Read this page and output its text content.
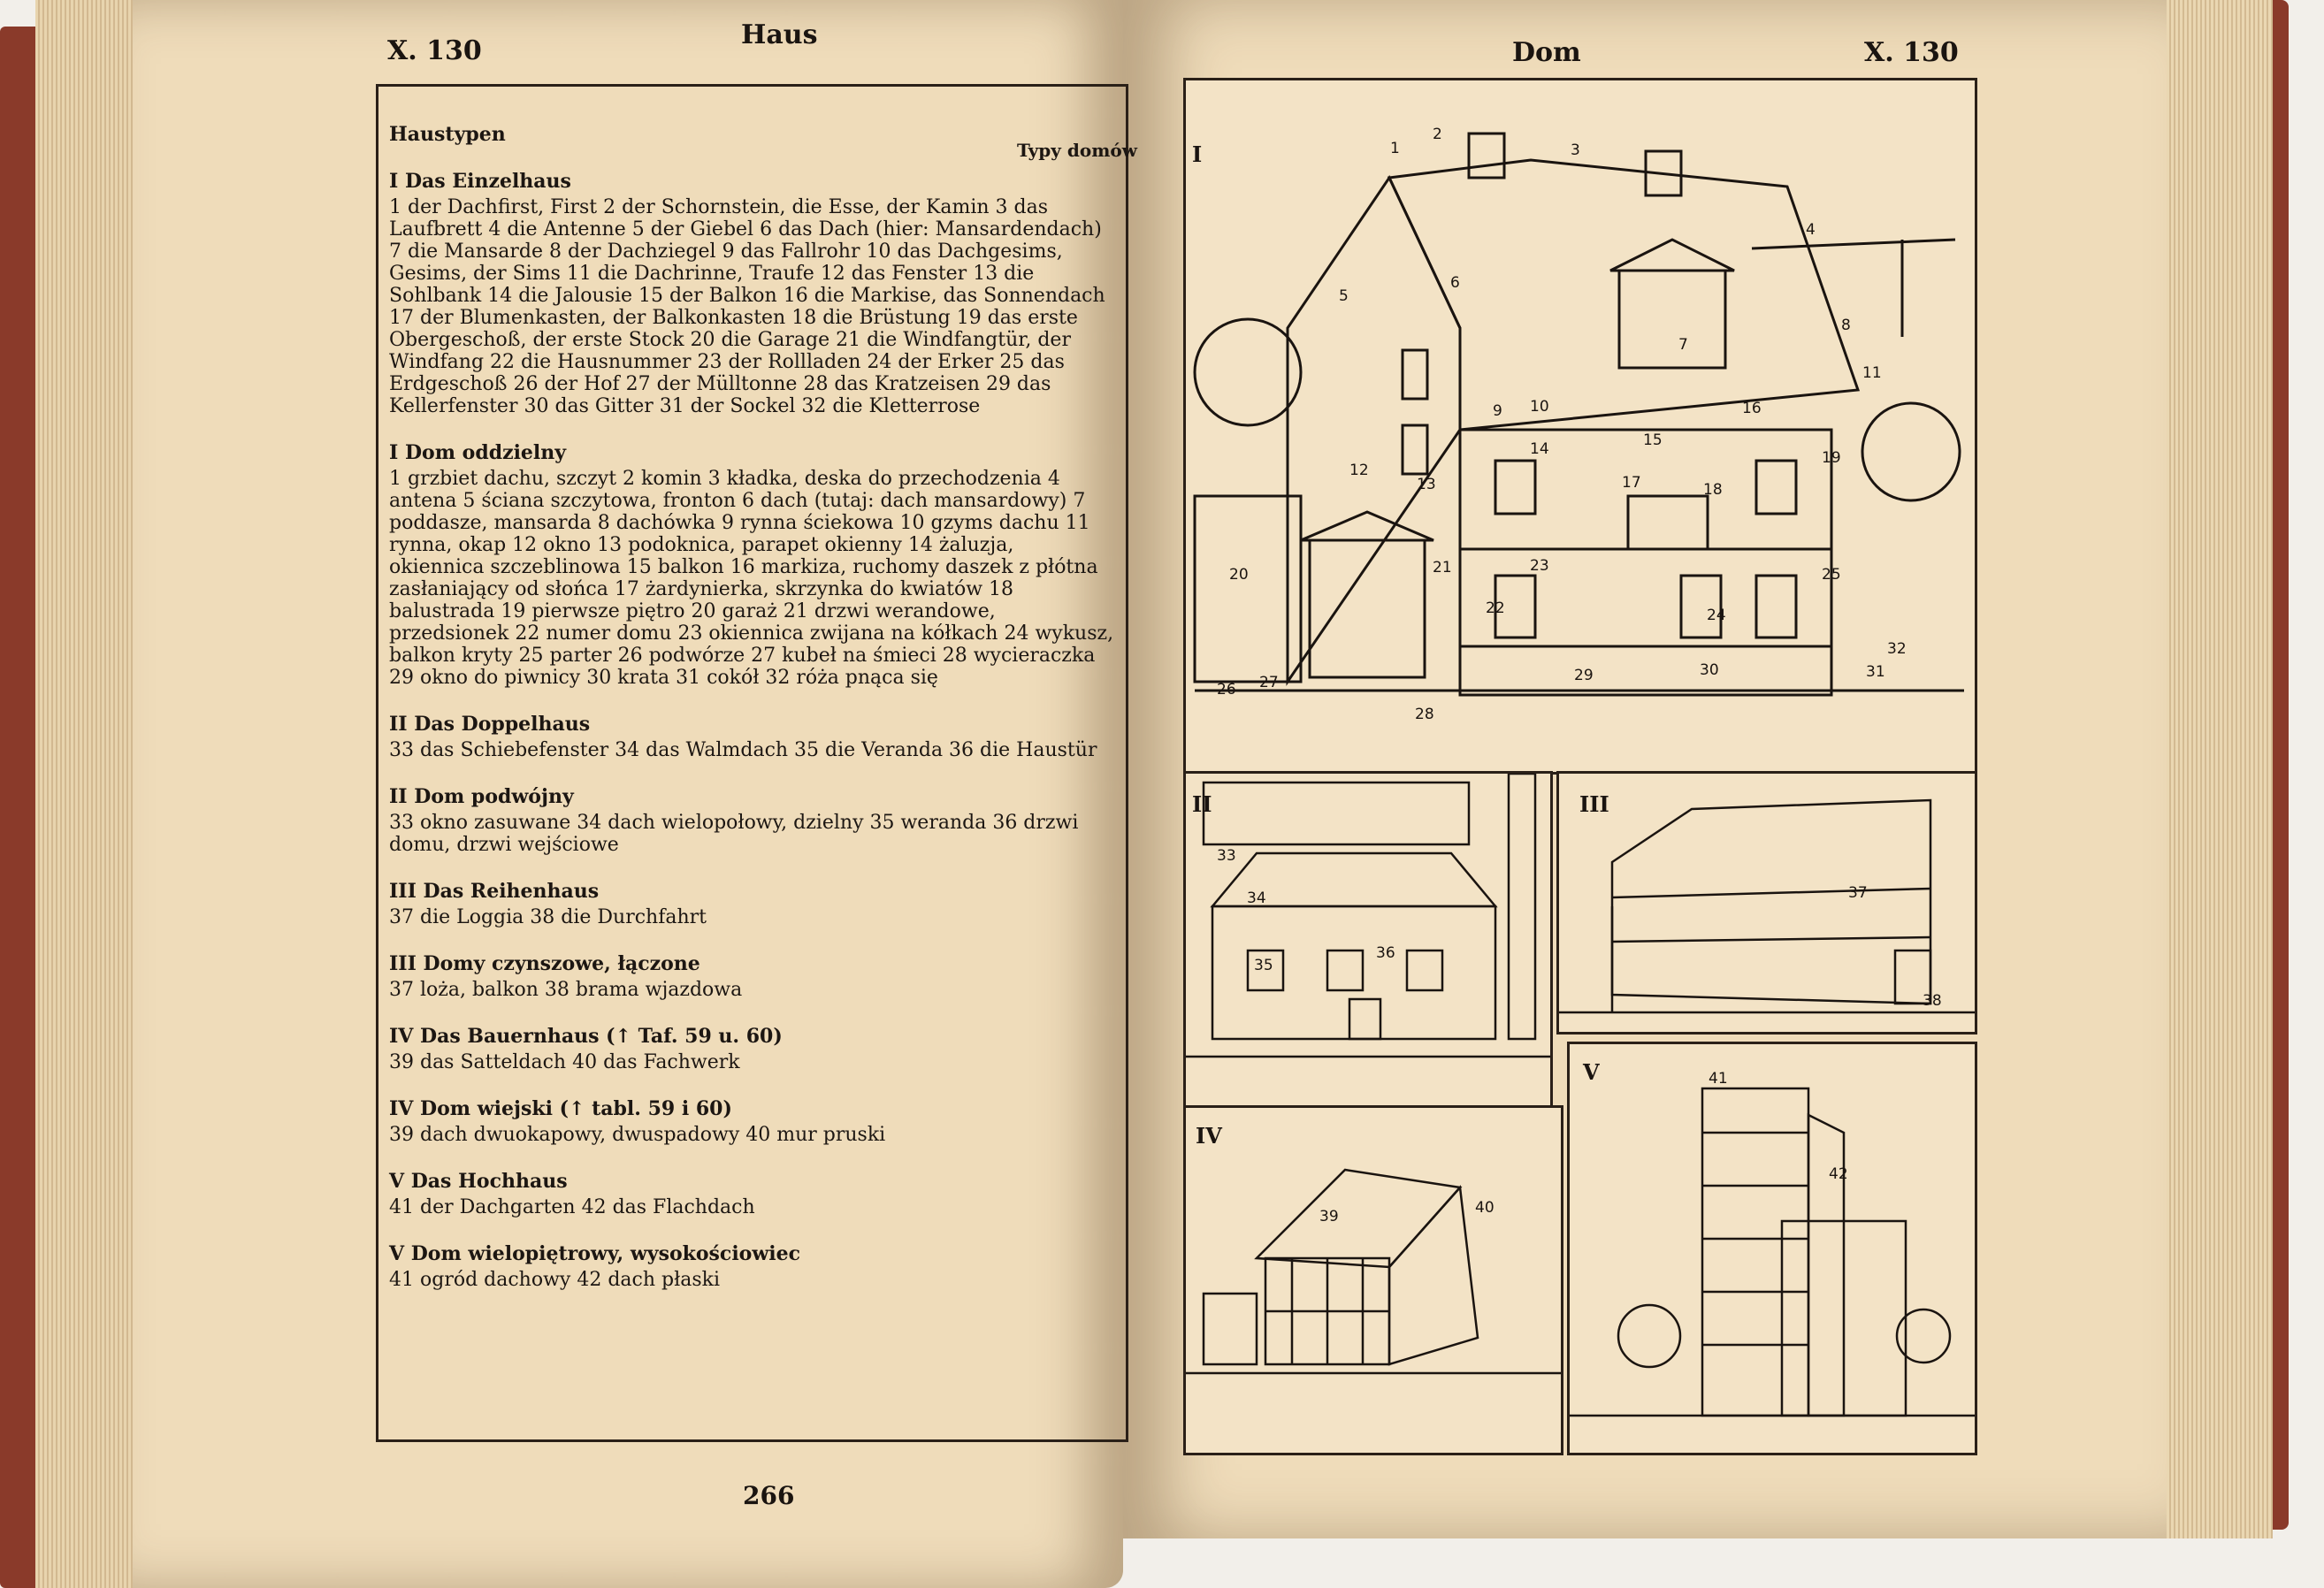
X. 130
Haus
Dom	X. 130
Typy domów
Haustypen
I Das Einzelhaus
1 der Dachfirst, First 2 der Schornstein, die Esse, der Kamin 3 das Laufbrett 4 die Antenne 5 der Giebel 6 das Dach (hier: Mansardendach) 7 die Mansarde 8 der Dachziegel 9 das Fallrohr 10 das Dachgesims, Gesims, der Sims 11 die Dachrinne, Traufe 12 das Fenster 13 die Sohlbank 14 die Jalousie 15 der Balkon 16 die Markise, das Sonnendach 17 der Blumenkasten, der Balkonkasten 18 die Brüstung 19 das erste Obergeschoß, der erste Stock 20 die Garage 21 die Windfangtür, der Windfang 22 die Hausnummer 23 der Rollladen 24 der Erker 25 das Erdgeschoß 26 der Hof 27 der Mülltonne 28 das Kratzeisen 29 das Kellerfenster 30 das Gitter 31 der Sockel 32 die Kletterrose
I Dom oddzielny
1 grzbiet dachu, szczyt 2 komin 3 kładka, deska do przechodzenia 4 antena 5 ściana szczytowa, fronton 6 dach (tutaj: dach mansardowy) 7 poddasze, mansarda 8 dachówka 9 rynna ściekowa 10 gzyms dachu 11 rynna, okap 12 okno 13 podoknica, parapet okienny 14 żaluzja, okiennica szczeblinowa 15 balkon 16 markiza, ruchomy daszek z płótna zasłaniający od słońca 17 żardynierka, skrzynka do kwiatów 18 balustrada 19 pierwsze piętro 20 garaż 21 drzwi werandowe, przedsionek 22 numer domu 23 okiennica zwijana na kółkach 24 wykusz, balkon kryty 25 parter 26 podwórze 27 kubeł na śmieci 28 wycieraczka 29 okno do piwnicy 30 krata 31 cokół 32 róża pnąca się
II Das Doppelhaus
33 das Schiebefenster 34 das Walmdach 35 die Veranda 36 die Haustür
II Dom podwójny
33 okno zasuwane 34 dach wielopołowy, dzielny 35 weranda 36 drzwi domu, drzwi wejściowe
III Das Reihenhaus
37 die Loggia 38 die Durchfahrt
III Domy czynszowe, łączone
37 loża, balkon 38 brama wjazdowa
IV Das Bauernhaus (↑ Taf. 59 u. 60)
39 das Satteldach 40 das Fachwerk
IV Dom wiejski (↑ tabl. 59 i 60)
39 dach dwuokapowy, dwuspadowy 40 mur pruski
V Das Hochhaus
41 der Dachgarten 42 das Flachdach
V Dom wielopiętrowy, wysokościowiec
41 ogród dachowy 42 dach płaski
266
I
II	III
IV
V
1
2
3
4
5
6
7
8
9 10
11
12
13
14	15
16
17	18
19
20	21
22
23
24
25
26 27
28
29	30	31
32
33
34
35
36
37
38
39	40
41
42
